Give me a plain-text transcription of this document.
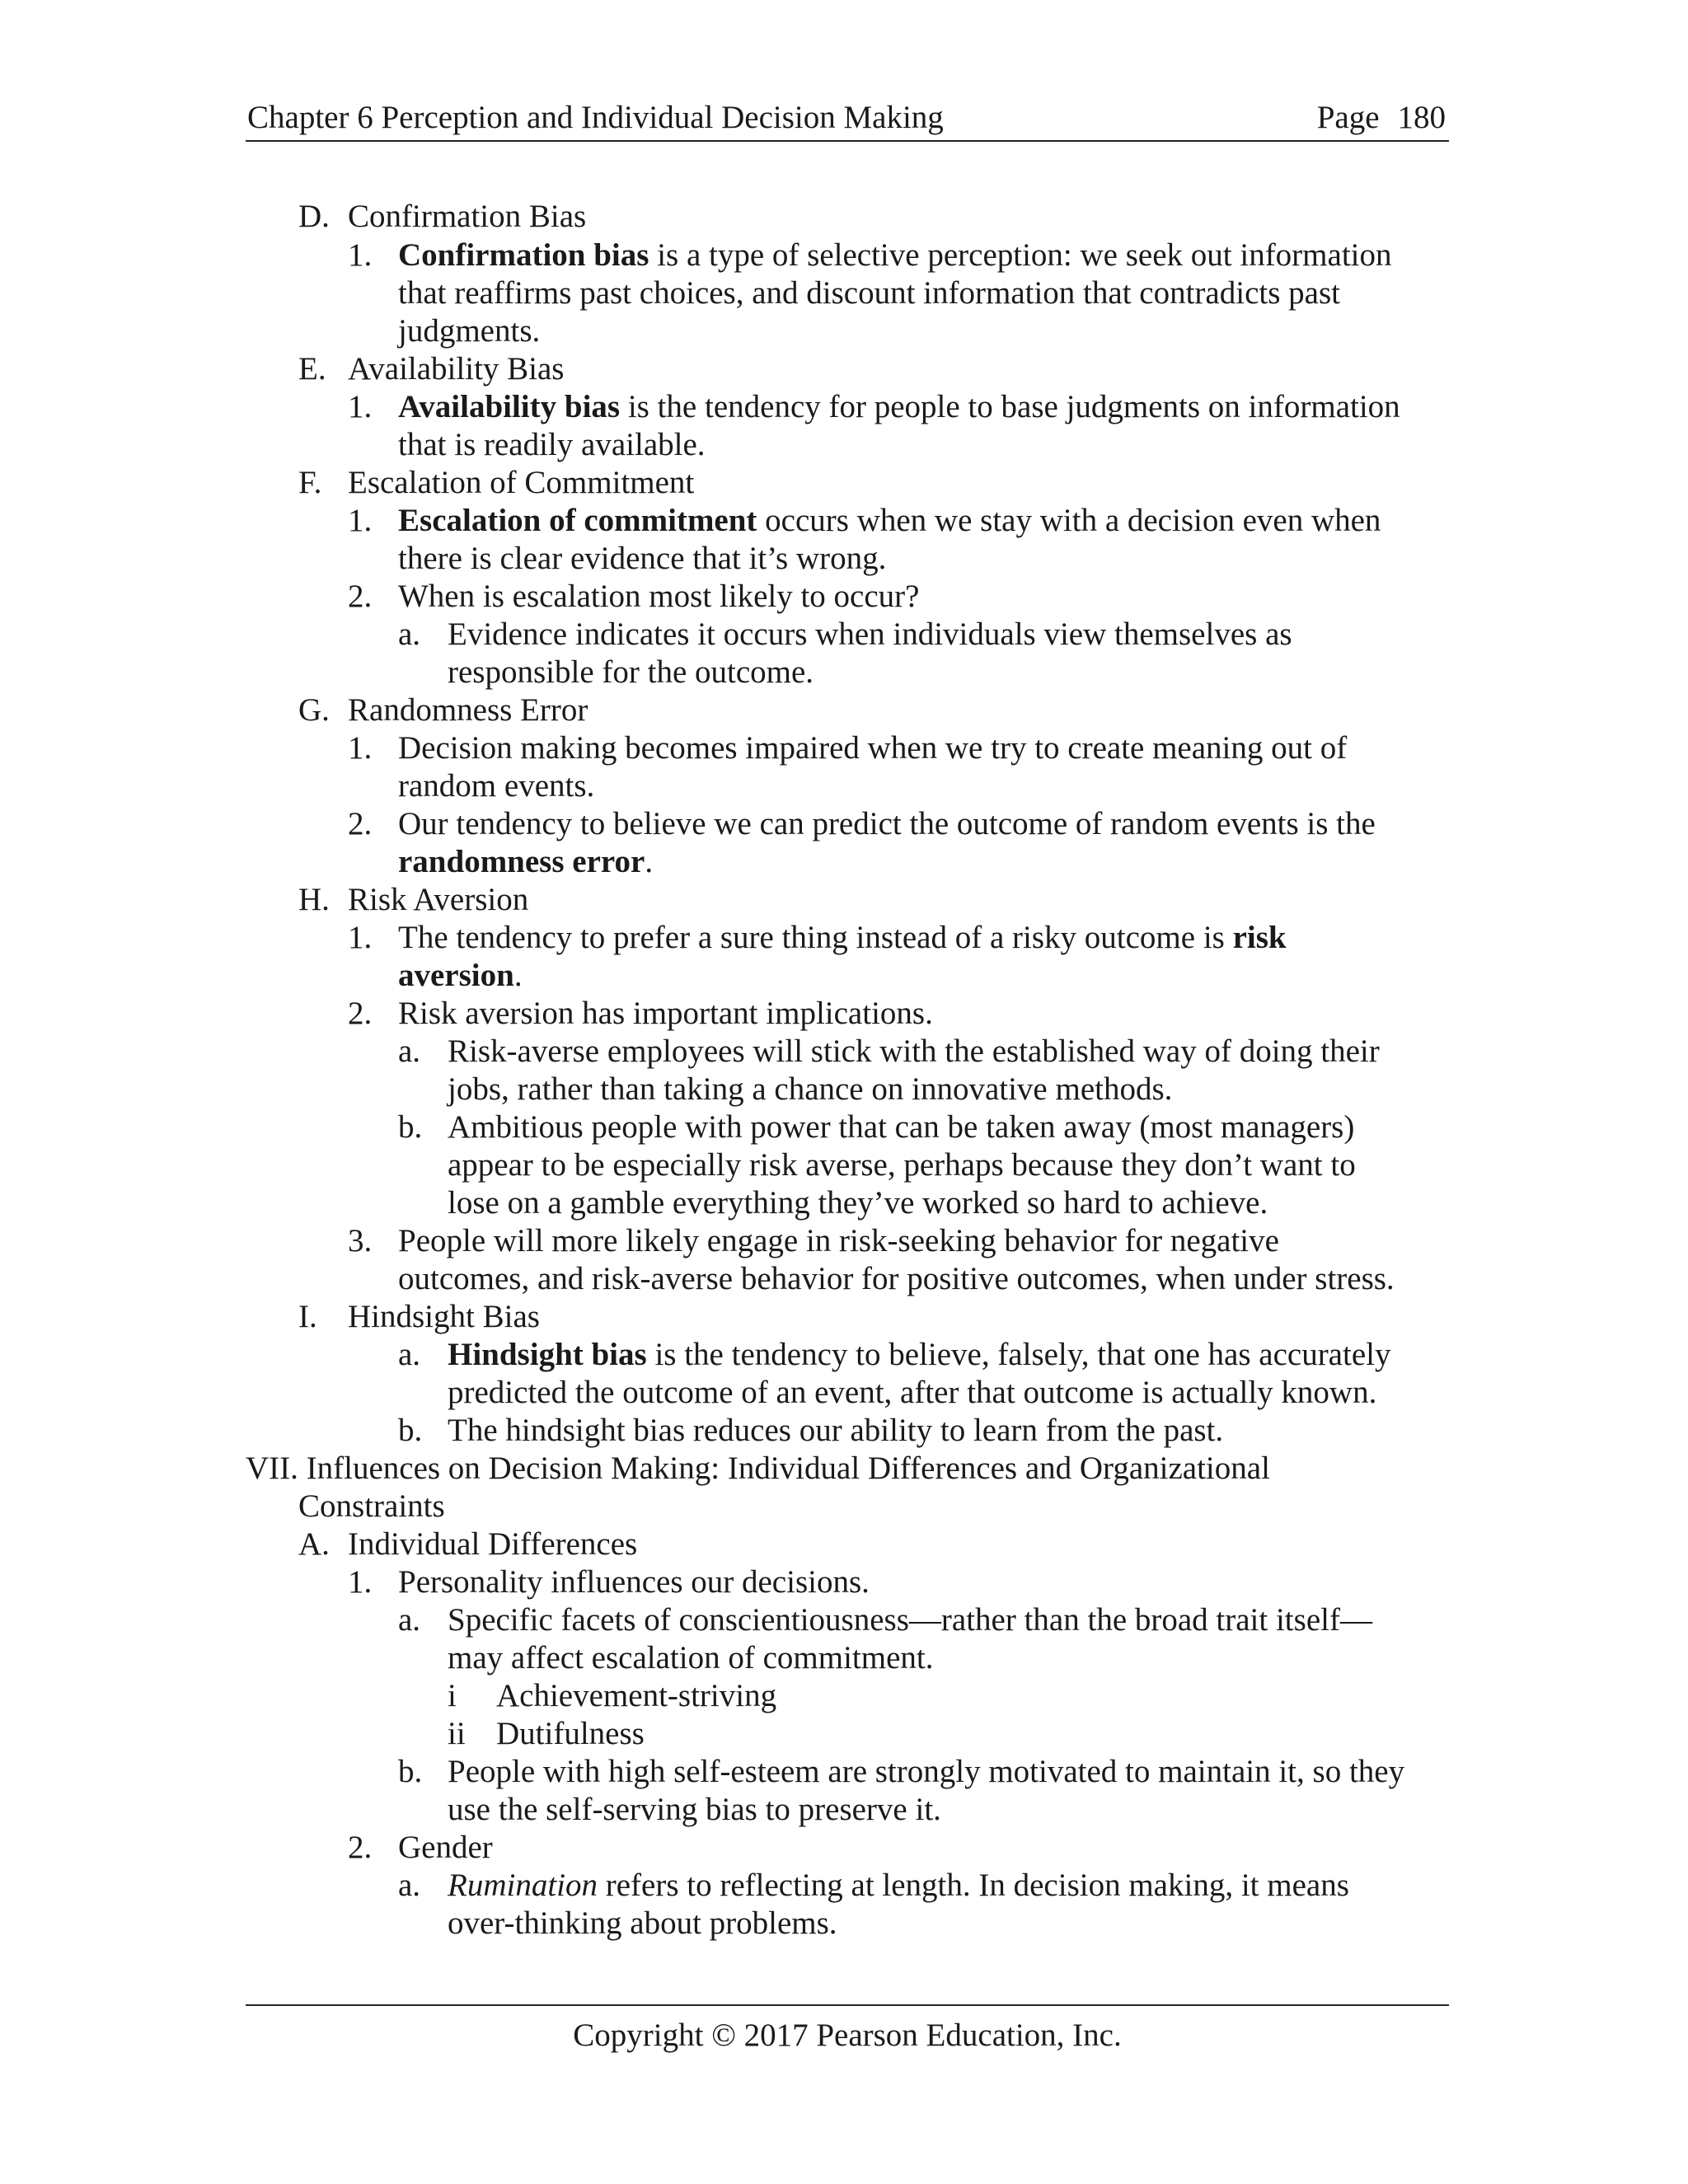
Chapter 6 Perception and Individual Decision Making	Page 180
D. Confirmation Bias
1. Confirmation bias is a type of selective perception: we seek out information
that reaffirms past choices, and discount information that contradicts past
judgments.
E. Availability Bias
1. Availability bias is the tendency for people to base judgments on information
that is readily available.
F. Escalation of Commitment
1. Escalation of commitment occurs when we stay with a decision even when
there is clear evidence that it’s wrong.
2. When is escalation most likely to occur?
a. Evidence indicates it occurs when individuals view themselves as
responsible for the outcome.
G. Randomness Error
1. Decision making becomes impaired when we try to create meaning out of
random events.
2. Our tendency to believe we can predict the outcome of random events is the
randomness error.
H. Risk Aversion
1. The tendency to prefer a sure thing instead of a risky outcome is risk
aversion.
2. Risk aversion has important implications.
a. Risk-averse employees will stick with the established way of doing their
jobs, rather than taking a chance on innovative methods.
b. Ambitious people with power that can be taken away (most managers)
appear to be especially risk averse, perhaps because they don’t want to
lose on a gamble everything they’ve worked so hard to achieve.
3. People will more likely engage in risk-seeking behavior for negative
outcomes, and risk-averse behavior for positive outcomes, when under stress.
I. Hindsight Bias
a. Hindsight bias is the tendency to believe, falsely, that one has accurately
predicted the outcome of an event, after that outcome is actually known.
b. The hindsight bias reduces our ability to learn from the past.
VII. Influences on Decision Making: Individual Differences and Organizational
Constraints
A. Individual Differences
1. Personality influences our decisions.
a. Specific facets of conscientiousness—rather than the broad trait itself—
may affect escalation of commitment.
i Achievement-striving
ii Dutifulness
b. People with high self-esteem are strongly motivated to maintain it, so they
use the self-serving bias to preserve it.
2. Gender
a. Rumination refers to reflecting at length. In decision making, it means
over-thinking about problems.
Copyright © 2017 Pearson Education, Inc.
